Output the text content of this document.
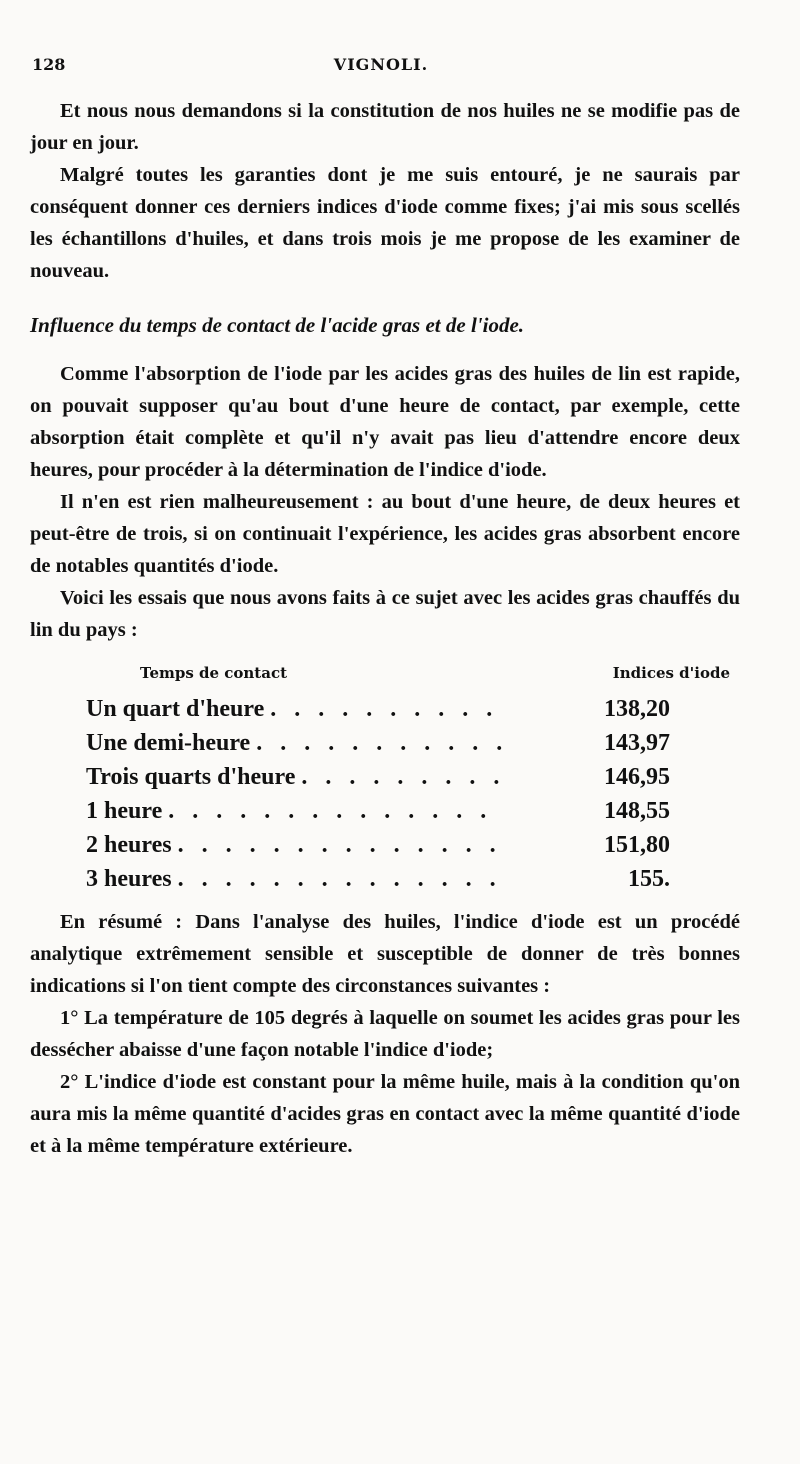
128	VIGNOLI.

Et nous nous demandons si la constitution de nos huiles ne se modifie pas de jour en jour.

Malgré toutes les garanties dont je me suis entouré, je ne saurais par conséquent donner ces derniers indices d'iode comme fixes; j'ai mis sous scellés les échantillons d'huiles, et dans trois mois je me propose de les examiner de nouveau.

Influence du temps de contact de l'acide gras et de l'iode.

Comme l'absorption de l'iode par les acides gras des huiles de lin est rapide, on pouvait supposer qu'au bout d'une heure de contact, par exemple, cette absorption était complète et qu'il n'y avait pas lieu d'attendre encore deux heures, pour procéder à la détermination de l'indice d'iode.

Il n'en est rien malheureusement : au bout d'une heure, de deux heures et peut-être de trois, si on continuait l'expérience, les acides gras absorbent encore de notables quantités d'iode.

Voici les essais que nous avons faits à ce sujet avec les acides gras chauffés du lin du pays :

Temps de contact	Indices d'iode
Un quart d'heure . . . . . . . . . .	138,20
Une demi-heure . . . . . . . . . . .	143,97
Trois quarts d'heure . . . . . . . . .	146,95
1 heure . . . . . . . . . . . . . .	148,55
2 heures . . . . . . . . . . . . . .	151,80
3 heures . . . . . . . . . . . . . .	155.

En résumé : Dans l'analyse des huiles, l'indice d'iode est un procédé analytique extrêmement sensible et susceptible de donner de très bonnes indications si l'on tient compte des circonstances suivantes :

1° La température de 105 degrés à laquelle on soumet les acides gras pour les dessécher abaisse d'une façon notable l'indice d'iode;

2° L'indice d'iode est constant pour la même huile, mais à la condition qu'on aura mis la même quantité d'acides gras en contact avec la même quantité d'iode et à la même température extérieure.
